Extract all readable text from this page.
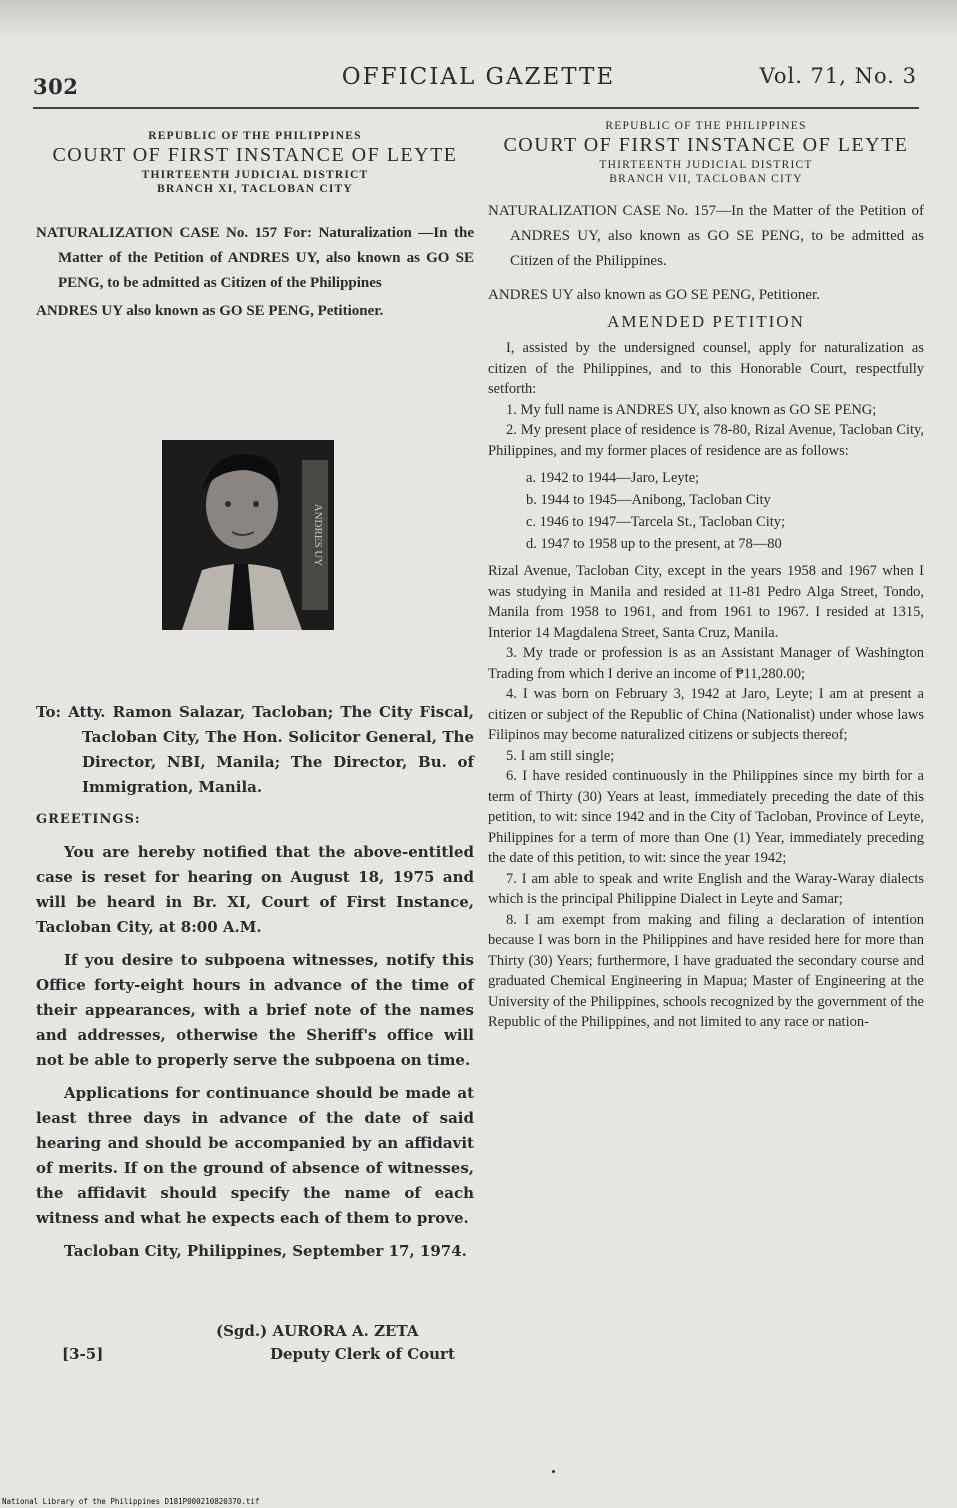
302	OFFICIAL GAZETTE	Vol. 71, No. 3
REPUBLIC OF THE PHILIPPINES
COURT OF FIRST INSTANCE OF LEYTE
THIRTEENTH JUDICIAL DISTRICT
BRANCH XI, TACLOBAN CITY
NATURALIZATION CASE No. 157 For: Naturalization —In the Matter of the Petition of ANDRES UY, also known as GO SE PENG, to be admitted as Citizen of the Philippines
ANDRES UY also known as GO SE PENG, Petitioner.
ANDRES UY
To: Atty. Ramon Salazar, Tacloban; The City Fiscal, Tacloban City, The Hon. Solicitor General, The Director, NBI, Manila; The Director, Bu. of Immigration, Manila.
GREETINGS:

You are hereby notified that the above-entitled case is reset for hearing on August 18, 1975 and will be heard in Br. XI, Court of First Instance, Tacloban City, at 8:00 A.M.

If you desire to subpoena witnesses, notify this Office forty-eight hours in advance of the time of their appearances, with a brief note of the names and addresses, otherwise the Sheriff's office will not be able to properly serve the subpoena on time.

Applications for continuance should be made at least three days in advance of the date of said hearing and should be accompanied by an affidavit of merits. If on the ground of absence of witnesses, the affidavit should specify the name of each witness and what he expects each of them to prove.

Tacloban City, Philippines, September 17, 1974.

(Sgd.) AURORA A. ZETA
Deputy Clerk of Court
[3-5]
REPUBLIC OF THE PHILIPPINES
COURT OF FIRST INSTANCE OF LEYTE
THIRTEENTH JUDICIAL DISTRICT
BRANCH VII, TACLOBAN CITY
NATURALIZATION CASE No. 157—In the Matter of the Petition of ANDRES UY, also known as GO SE PENG, to be admitted as Citizen of the Philippines.
ANDRES UY also known as GO SE PENG, Petitioner.
AMENDED PETITION

I, assisted by the undersigned counsel, apply for naturalization as citizen of the Philippines, and to this Honorable Court, respectfully setforth:

1. My full name is ANDRES UY, also known as GO SE PENG;

2. My present place of residence is 78-80, Rizal Avenue, Tacloban City, Philippines, and my former places of residence are as follows:

a. 1942 to 1944—Jaro, Leyte;
b. 1944 to 1945—Anibong, Tacloban City
c. 1946 to 1947—Tarcela St., Tacloban City;
d. 1947 to 1958 up to the present, at 78—80

Rizal Avenue, Tacloban City, except in the years 1958 and 1967 when I was studying in Manila and resided at 11-81 Pedro Alga Street, Tondo, Manila from 1958 to 1961, and from 1961 to 1967. I resided at 1315, Interior 14 Magdalena Street, Santa Cruz, Manila.

3. My trade or profession is as an Assistant Manager of Washington Trading from which I derive an income of ₱11,280.00;

4. I was born on February 3, 1942 at Jaro, Leyte; I am at present a citizen or subject of the Republic of China (Nationalist) under whose laws Filipinos may become naturalized citizens or subjects thereof;

5. I am still single;

6. I have resided continuously in the Philippines since my birth for a term of Thirty (30) Years at least, immediately preceding the date of this petition, to wit: since 1942 and in the City of Tacloban, Province of Leyte, Philippines for a term of more than One (1) Year, immediately preceding the date of this petition, to wit: since the year 1942;

7. I am able to speak and write English and the Waray-Waray dialects which is the principal Philippine Dialect in Leyte and Samar;

8. I am exempt from making and filing a declaration of intention because I was born in the Philippines and have resided here for more than Thirty (30) Years; furthermore, I have graduated the secondary course and graduated Chemical Engineering in Mapua; Master of Engineering at the University of the Philippines, schools recognized by the government of the Republic of the Philippines, and not limited to any race or nation-

National Library of the Philippines D181P000210820370.tif
